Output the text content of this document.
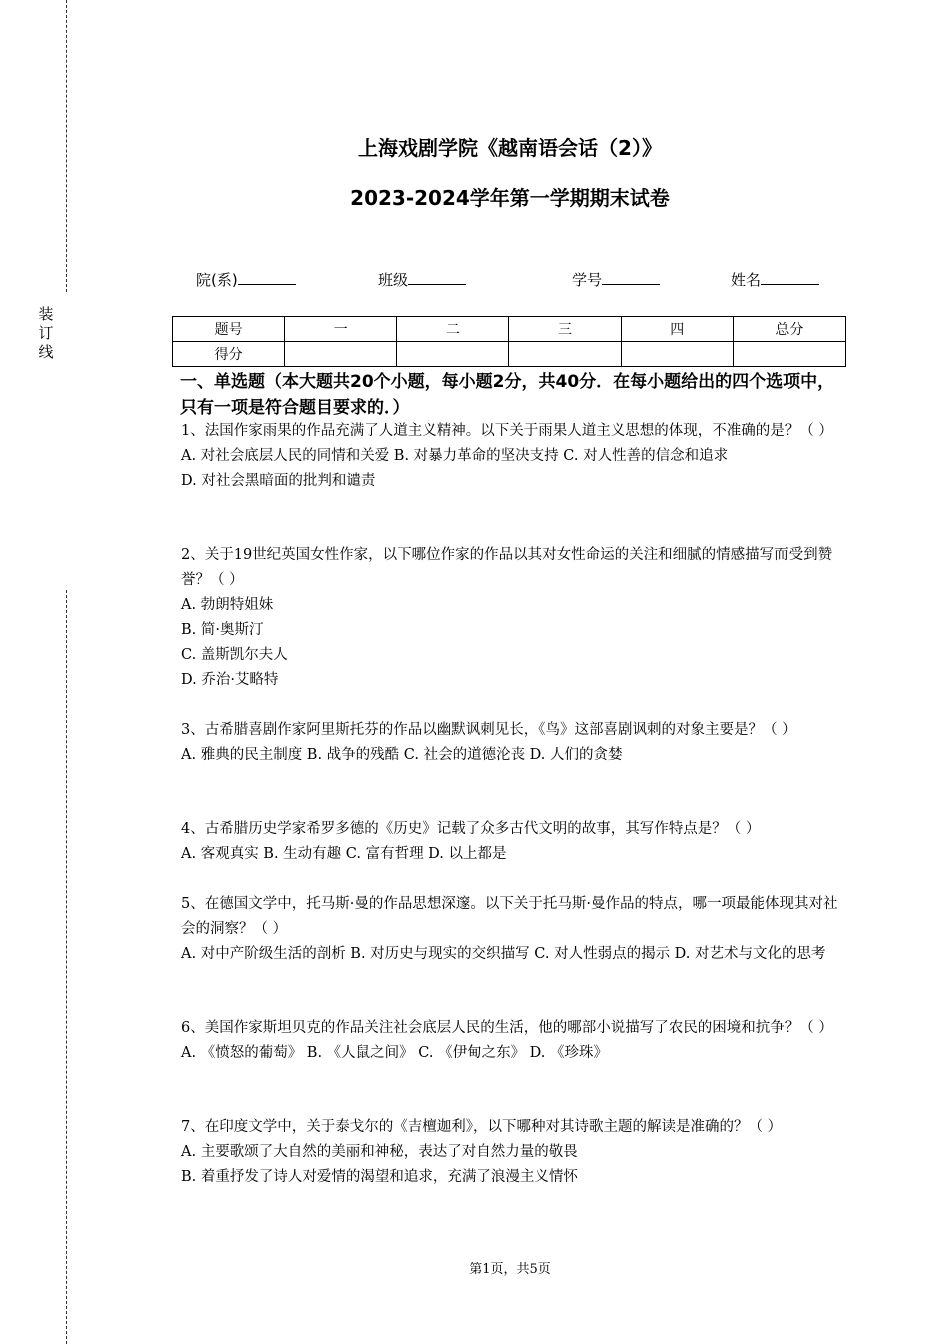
装订线
上海戏剧学院《越南语会话（2）》
2023-2024学年第一学期期末试卷
院(系)	班级	学号	姓名
题号	一	二	三	四	总分
得分					
一、单选题（本大题共20个小题，每小题2分，共40分．在每小题给出的四个选项中，只有一项是符合题目要求的．）

1、法国作家雨果的作品充满了人道主义精神。以下关于雨果人道主义思想的体现，不准确的是？（ ）

A. 对社会底层人民的同情和关爱 B. 对暴力革命的坚决支持 C. 对人性善的信念和追求

D. 对社会黑暗面的批判和谴责

2、关于19世纪英国女性作家，以下哪位作家的作品以其对女性命运的关注和细腻的情感描写而受到赞誉？（ ）

A. 勃朗特姐妹

B. 简·奥斯汀

C. 盖斯凯尔夫人

D. 乔治·艾略特

3、古希腊喜剧作家阿里斯托芬的作品以幽默讽刺见长，《鸟》这部喜剧讽刺的对象主要是？（ ）

A. 雅典的民主制度 B. 战争的残酷 C. 社会的道德沦丧 D. 人们的贪婪

4、古希腊历史学家希罗多德的《历史》记载了众多古代文明的故事，其写作特点是？（ ）

A. 客观真实 B. 生动有趣 C. 富有哲理 D. 以上都是

5、在德国文学中，托马斯·曼的作品思想深邃。以下关于托马斯·曼作品的特点，哪一项最能体现其对社会的洞察？（ ）

A. 对中产阶级生活的剖析 B. 对历史与现实的交织描写 C. 对人性弱点的揭示 D. 对艺术与文化的思考

6、美国作家斯坦贝克的作品关注社会底层人民的生活，他的哪部小说描写了农民的困境和抗争？（ ）

A. 《愤怒的葡萄》 B. 《人鼠之间》 C. 《伊甸之东》 D. 《珍珠》

7、在印度文学中，关于泰戈尔的《吉檀迦利》，以下哪种对其诗歌主题的解读是准确的？（ ）

A. 主要歌颂了大自然的美丽和神秘，表达了对自然力量的敬畏

B. 着重抒发了诗人对爱情的渴望和追求，充满了浪漫主义情怀

第1页，共5页
